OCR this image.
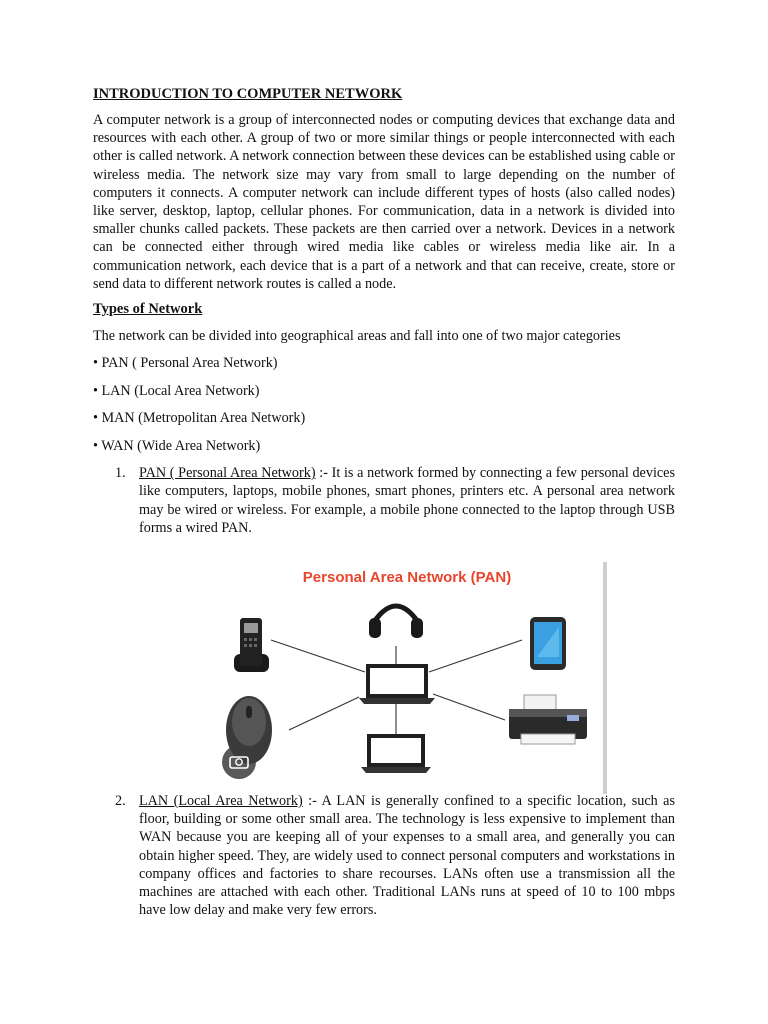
INTRODUCTION TO COMPUTER NETWORK

A computer network is a group of interconnected nodes or computing devices that exchange data and resources with each other. A group of two or more similar things or people interconnected with each other is called network. A network connection between these devices can be established using cable or wireless media. The network size may vary from small to large depending on the number of computers it connects. A computer network can include different types of hosts (also called nodes) like server, desktop, laptop, cellular phones. For communication, data in a network is divided into smaller chunks called packets. These packets are then carried over a network. Devices in a network can be connected either through wired media like cables or wireless media like air. In a communication network, each device that is a part of a network and that can receive, create, store or send data to different network routes is called a node.

Types of Network

The network can be divided into geographical areas and fall into one of two major categories

• PAN ( Personal Area Network)
• LAN (Local Area Network)
• MAN (Metropolitan Area Network)
• WAN (Wide Area Network)
1. PAN ( Personal Area Network) :- It is a network formed by connecting a few personal devices like computers, laptops, mobile phones, smart phones, printers etc. A personal area network may be wired or wireless. For example, a mobile phone connected to the laptop through USB forms a wired PAN.

Personal Area Network (PAN)
2. LAN (Local Area Network) :- A LAN is generally confined to a specific location, such as floor, building or some other small area. The technology is less expensive to implement than WAN because you are keeping all of your expenses to a small area, and generally you can obtain higher speed. They, are widely used to connect personal computers and workstations in company offices and factories to share recourses. LANs often use a transmission all the machines are attached with each other. Traditional LANs runs at speed of 10 to 100 mbps have low delay and make very few errors.
